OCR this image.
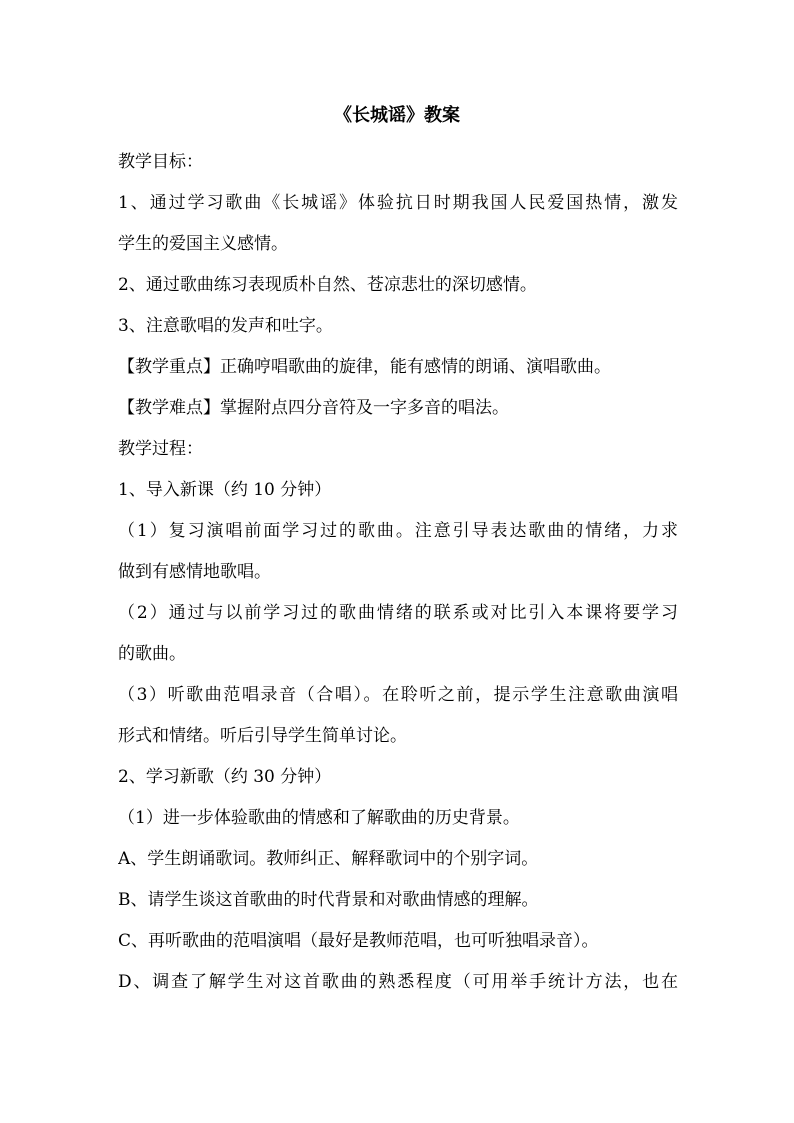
《长城谣》教案
教学目标：
1、通过学习歌曲《长城谣》体验抗日时期我国人民爱国热情，激发
学生的爱国主义感情。
2、通过歌曲练习表现质朴自然、苍凉悲壮的深切感情。
3、注意歌唱的发声和吐字。
【教学重点】正确哼唱歌曲的旋律，能有感情的朗诵、演唱歌曲。
【教学难点】掌握附点四分音符及一字多音的唱法。
教学过程：
1、导入新课（约 10 分钟）
（1）复习演唱前面学习过的歌曲。注意引导表达歌曲的情绪，力求
做到有感情地歌唱。
（2）通过与以前学习过的歌曲情绪的联系或对比引入本课将要学习
的歌曲。
（3）听歌曲范唱录音（合唱）。在聆听之前，提示学生注意歌曲演唱
形式和情绪。听后引导学生简单讨论。
2、学习新歌（约 30 分钟）
（1）进一步体验歌曲的情感和了解歌曲的历史背景。
A、学生朗诵歌词。教师纠正、解释歌词中的个别字词。
B、请学生谈这首歌曲的时代背景和对歌曲情感的理解。
C、再听歌曲的范唱演唱（最好是教师范唱，也可听独唱录音）。
D、调查了解学生对这首歌曲的熟悉程度（可用举手统计方法，也在
